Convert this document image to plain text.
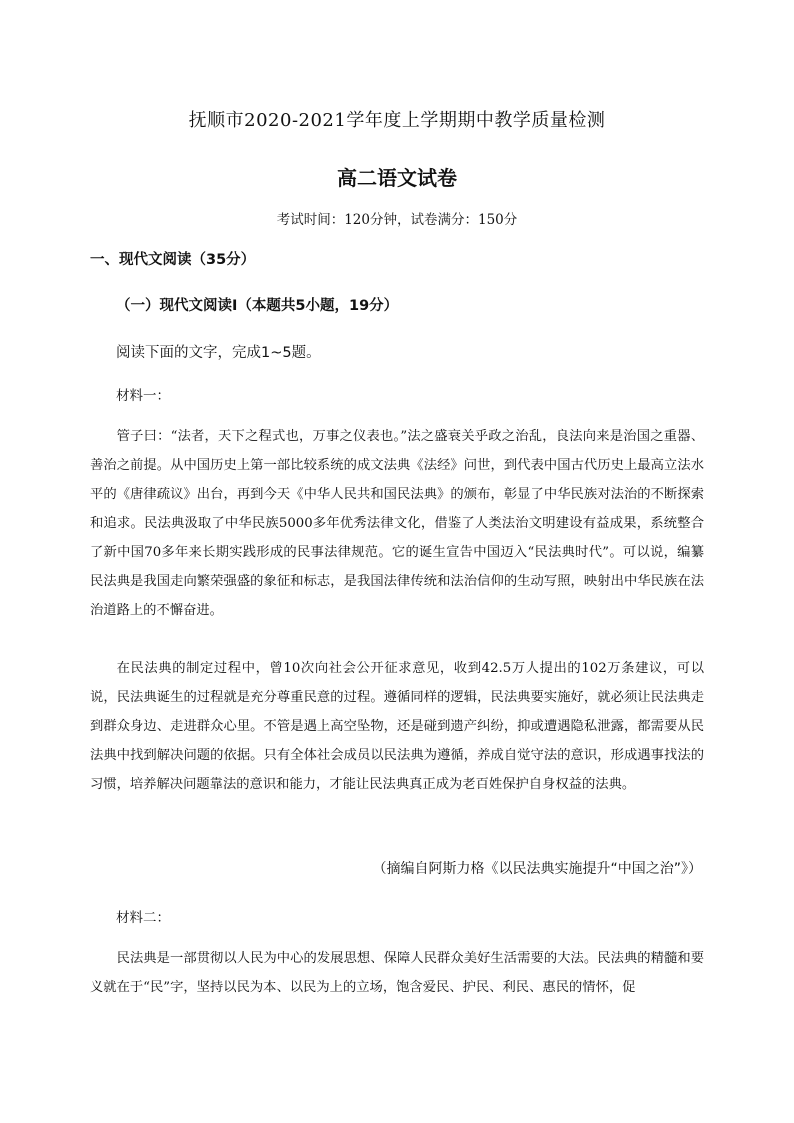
抚顺市2020-2021学年度上学期期中教学质量检测
高二语文试卷
考试时间：120分钟，试卷满分：150分
一、现代文阅读（35分）
（一）现代文阅读Ⅰ（本题共5小题，19分）
阅读下面的文字，完成1~5题。
材料一：

管子曰：“法者，天下之程式也，万事之仪表也。”法之盛衰关乎政之治乱，良法向来是治国之重器、善治之前提。从中国历史上第一部比较系统的成文法典《法经》问世，到代表中国古代历史上最高立法水平的《唐律疏议》出台，再到今天《中华人民共和国民法典》的颁布，彰显了中华民族对法治的不断探索和追求。民法典汲取了中华民族5000多年优秀法律文化，借鉴了人类法治文明建设有益成果，系统整合了新中国70多年来长期实践形成的民事法律规范。它的诞生宣告中国迈入“民法典时代”。可以说，编纂民法典是我国走向繁荣强盛的象征和标志，是我国法律传统和法治信仰的生动写照，映射出中华民族在法治道路上的不懈奋进。

在民法典的制定过程中，曾10次向社会公开征求意见，收到42.5万人提出的102万条建议，可以说，民法典诞生的过程就是充分尊重民意的过程。遵循同样的逻辑，民法典要实施好，就必须让民法典走到群众身边、走进群众心里。不管是遇上高空坠物，还是碰到遗产纠纷，抑或遭遇隐私泄露，都需要从民法典中找到解决问题的依据。只有全体社会成员以民法典为遵循，养成自觉守法的意识，形成遇事找法的习惯，培养解决问题靠法的意识和能力，才能让民法典真正成为老百姓保护自身权益的法典。

（摘编自阿斯力格《以民法典实施提升“中国之治”》）
材料二：

民法典是一部贯彻以人民为中心的发展思想、保障人民群众美好生活需要的大法。民法典的精髓和要义就在于“民”字，坚持以民为本、以民为上的立场，饱含爱民、护民、利民、惠民的情怀，促
